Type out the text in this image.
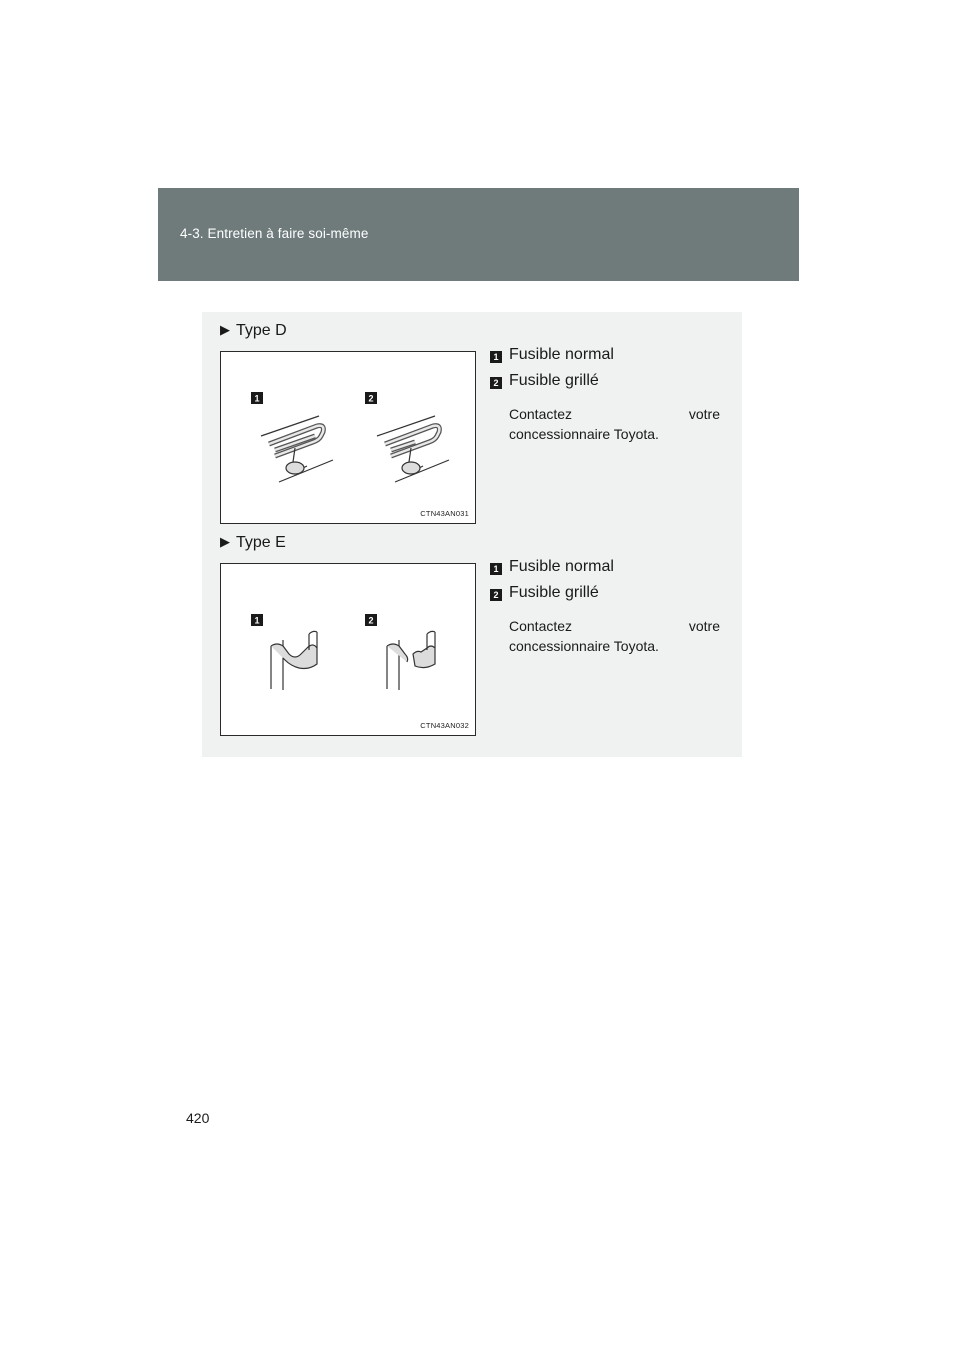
4-3. Entretien à faire soi-même
▶ Type D
1	2
CTN43AN031
1 Fusible normal
2 Fusible grillé
Contactez	votre
concessionnaire Toyota.
▶ Type E
1	2
CTN43AN032
1 Fusible normal
2 Fusible grillé
Contactez	votre
concessionnaire Toyota.
420
